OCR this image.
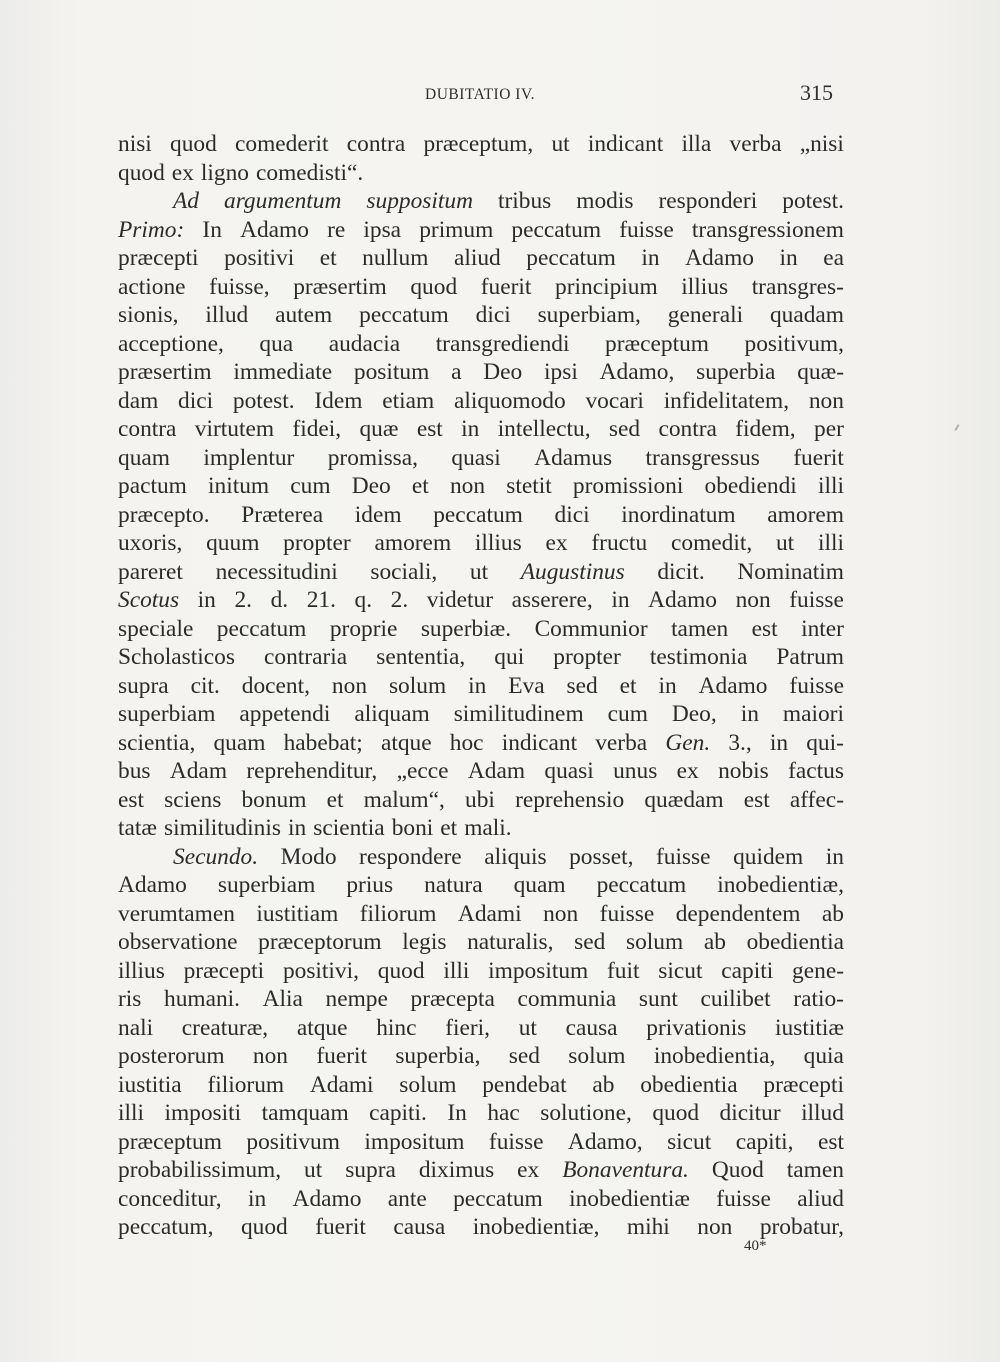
DUBITATIO IV.	315
nisi quod comederit contra præceptum, ut indicant illa verba „nisi
quod ex ligno comedisti“.
Ad argumentum suppositum tribus modis responderi potest.
Primo: In Adamo re ipsa primum peccatum fuisse transgressionem
præcepti positivi et nullum aliud peccatum in Adamo in ea
actione fuisse, præsertim quod fuerit principium illius transgres-
sionis, illud autem peccatum dici superbiam, generali quadam
acceptione, qua audacia transgrediendi præceptum positivum,
præsertim immediate positum a Deo ipsi Adamo, superbia quæ-
dam dici potest. Idem etiam aliquomodo vocari infidelitatem, non
contra virtutem fidei, quæ est in intellectu, sed contra fidem, per
quam implentur promissa, quasi Adamus transgressus fuerit
pactum initum cum Deo et non stetit promissioni obediendi illi
præcepto. Præterea idem peccatum dici inordinatum amorem
uxoris, quum propter amorem illius ex fructu comedit, ut illi
pareret necessitudini sociali, ut Augustinus dicit. Nominatim
Scotus in 2. d. 21. q. 2. videtur asserere, in Adamo non fuisse
speciale peccatum proprie superbiæ. Communior tamen est inter
Scholasticos contraria sententia, qui propter testimonia Patrum
supra cit. docent, non solum in Eva sed et in Adamo fuisse
superbiam appetendi aliquam similitudinem cum Deo, in maiori
scientia, quam habebat; atque hoc indicant verba Gen. 3., in qui-
bus Adam reprehenditur, „ecce Adam quasi unus ex nobis factus
est sciens bonum et malum“, ubi reprehensio quædam est affec-
tatæ similitudinis in scientia boni et mali.
Secundo. Modo respondere aliquis posset, fuisse quidem in
Adamo superbiam prius natura quam peccatum inobedientiæ,
verumtamen iustitiam filiorum Adami non fuisse dependentem ab
observatione præceptorum legis naturalis, sed solum ab obedientia
illius præcepti positivi, quod illi impositum fuit sicut capiti gene-
ris humani. Alia nempe præcepta communia sunt cuilibet ratio-
nali creaturæ, atque hinc fieri, ut causa privationis iustitiæ
posterorum non fuerit superbia, sed solum inobedientia, quia
iustitia filiorum Adami solum pendebat ab obedientia præcepti
illi impositi tamquam capiti. In hac solutione, quod dicitur illud
præceptum positivum impositum fuisse Adamo, sicut capiti, est
probabilissimum, ut supra diximus ex Bonaventura. Quod tamen
conceditur, in Adamo ante peccatum inobedientiæ fuisse aliud
peccatum, quod fuerit causa inobedientiæ, mihi non probatur,
40*
